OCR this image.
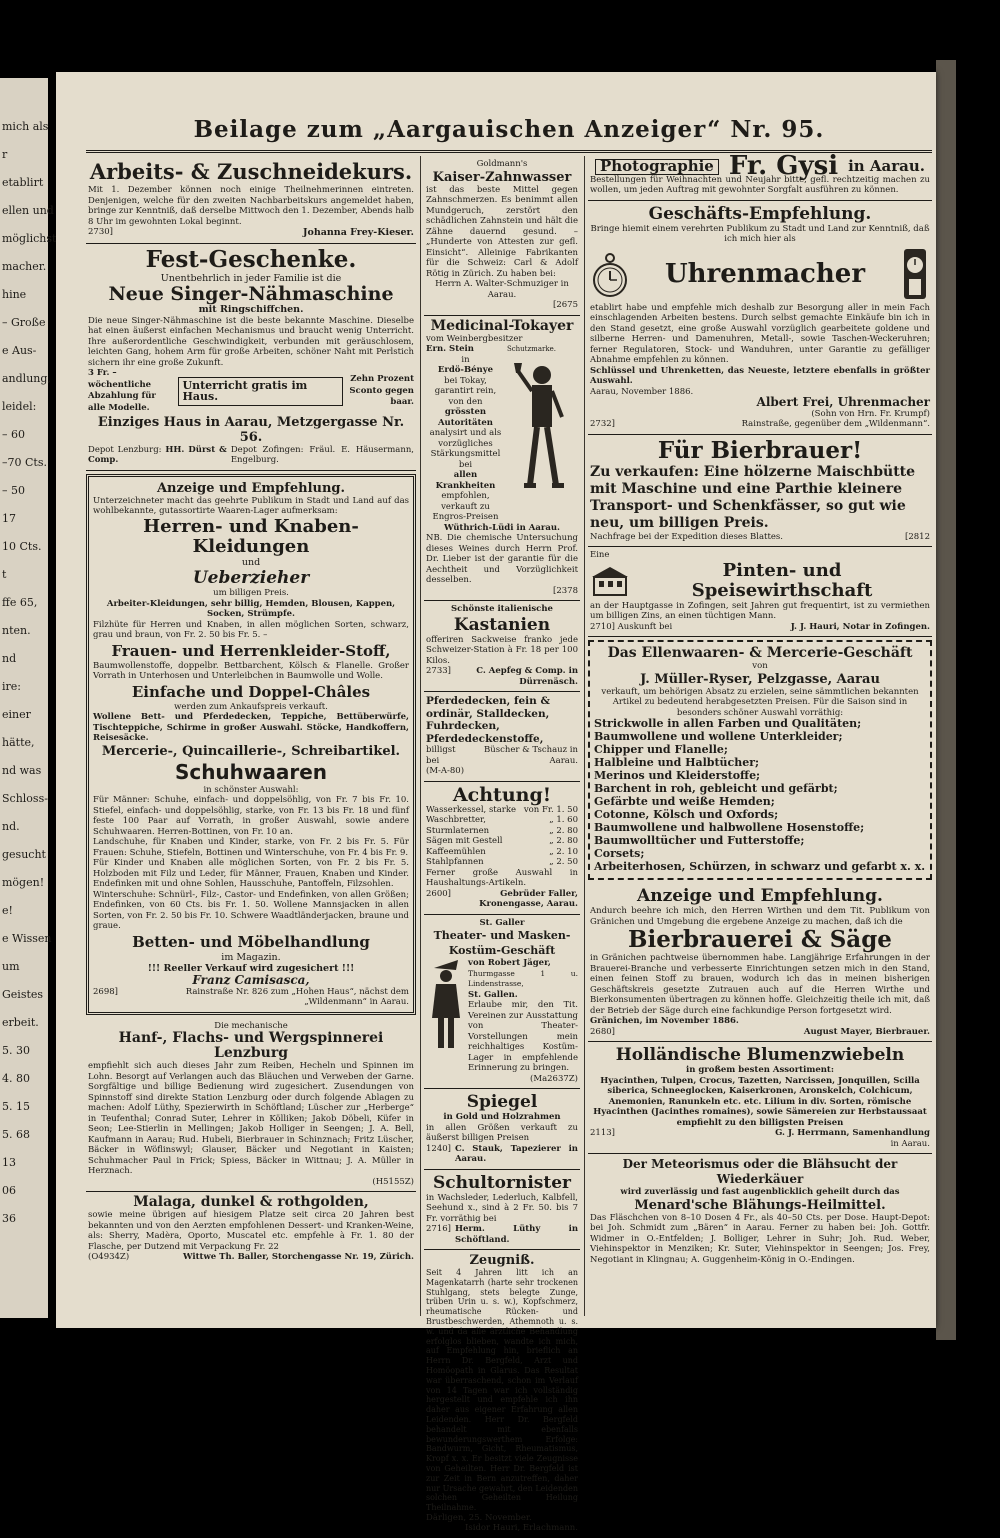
mich als
r
etablirt
ellen und
möglichst
macher.
hine
– Große
e Aus-
andlung,
leidel:
– 60
–70 Cts.
– 50
17
10 Cts.
t
ffe 65,
nten.
nd
ire:
einer
hätte,
nd was
Schloss-
nd.
gesucht
mögen!
e!
e Wissen
um
Geistes
erbeit.
5. 30
4. 80
5. 15
5. 68
13
06
36
Beilage zum „Aargauischen Anzeiger“ Nr. 95.

Arbeits- & Zuschneidekurs.

Mit 1. Dezember können noch einige Theilnehmerinnen eintreten. Denjenigen, welche für den zweiten Nachbarbeitskurs angemeldet haben, bringe zur Kenntniß, daß derselbe Mittwoch den 1. Dezember, Abends halb 8 Uhr im gewohnten Lokal beginnt.

2730]	Johanna Frey-Kieser.

Fest-Geschenke.

Unentbehrlich in jeder Familie ist die

Neue Singer-Nähmaschine

mit Ringschiffchen.

Die neue Singer-Nähmaschine ist die beste bekannte Maschine. Dieselbe hat einen äußerst einfachen Mechanismus und braucht wenig Unterricht. Ihre außerordentliche Geschwindigkeit, verbunden mit geräuschlosem, leichten Gang, hohem Arm für große Arbeiten, schöner Naht mit Perlstich sichern ihr eine große Zukunft.

3 Fr. – wöchentliche Abzahlung für alle Modelle.
Unterricht gratis im Haus.
Zehn Prozent Sconto gegen baar.

Einziges Haus in Aarau, Metzgergasse Nr. 56.

Depot Lenzburg: HH. Dürst & Comp.
Depot Zofingen: Fräul. E. Häusermann, Engelburg.

Anzeige und Empfehlung.

Unterzeichneter macht das geehrte Publikum in Stadt und Land auf das wohlbekannte, gutassortirte Waaren-Lager aufmerksam:

Herren- und Knaben-Kleidungen

und

Ueberzieher

um billigen Preis.

Arbeiter-Kleidungen, sehr billig, Hemden, Blousen, Kappen, Socken, Strümpfe.

Filzhüte für Herren und Knaben, in allen möglichen Sorten, schwarz, grau und braun, von Fr. 2. 50 bis Fr. 5. –

Frauen- und Herrenkleider-Stoff,

Baumwollenstoffe, doppelbr. Bettbarchent, Kölsch & Flanelle. Großer Vorrath in Unterhosen und Unterleibchen in Baumwolle und Wolle.

Einfache und Doppel-Châles

werden zum Ankaufspreis verkauft.

Wollene Bett- und Pferdedecken, Teppiche, Bettüberwürfe, Tischteppiche, Schirme in großer Auswahl. Stöcke, Handkoffern, Reisesäcke.

Mercerie-, Quincaillerie-, Schreibartikel.

Schuhwaaren

in schönster Auswahl:

Für Männer: Schuhe, einfach- und doppelsöhlig, von Fr. 7 bis Fr. 10. Stiefel, einfach- und doppelsöhlig, starke, von Fr. 13 bis Fr. 18 und fünf feste 100 Paar auf Vorrath, in großer Auswahl, sowie andere Schuhwaaren. Herren-Bottinen, von Fr. 10 an.

Landschuhe, für Knaben und Kinder, starke, von Fr. 2 bis Fr. 5. Für Frauen: Schuhe, Stiefeln, Bottinen und Winterschuhe, von Fr. 4 bis Fr. 9.

Für Kinder und Knaben alle möglichen Sorten, von Fr. 2 bis Fr. 5. Holzboden mit Filz und Leder, für Männer, Frauen, Knaben und Kinder. Endefinken mit und ohne Sohlen, Hausschuhe, Pantoffeln, Filzsohlen.

Winterschuhe: Schnürl-, Filz-, Castor- und Endefinken, von allen Größen; Endefinken, von 60 Cts. bis Fr. 1. 50. Wollene Mannsjacken in allen Sorten, von Fr. 2. 50 bis Fr. 10. Schwere Waadtländerjacken, braune und graue.

Betten- und Möbelhandlung

im Magazin.

!!! Reeller Verkauf wird zugesichert !!!

Franz Camisasca,

2698]	Rainstraße Nr. 826 zum „Hohen Haus“, nächst dem „Wildenmann“ in Aarau.

Die mechanische

Hanf-, Flachs- und Wergspinnerei Lenzburg

empfiehlt sich auch dieses Jahr zum Reiben, Hecheln und Spinnen im Lohn. Besorgt auf Verlangen auch das Bläuchen und Verweben der Garne. Sorgfältige und billige Bedienung wird zugesichert. Zusendungen von Spinnstoff sind direkte Station Lenzburg oder durch folgende Ablagen zu machen: Adolf Lüthy, Spezierwirth in Schöftland; Lüscher zur „Herberge“ in Teufenthal; Conrad Suter, Lehrer in Kölliken; Jakob Döbeli, Küfer in Seon; Lee-Stierlin in Mellingen; Jakob Holliger in Seengen; J. A. Bell, Kaufmann in Aarau; Rud. Hubeli, Bierbrauer in Schinznach; Fritz Lüscher, Bäcker in Wöflinswyl; Glauser, Bäcker und Negotiant in Kaisten; Schuhmacher Paul in Frick; Spiess, Bäcker in Wittnau; J. A. Müller in Herznach.

(H5155Z)

Malaga, dunkel & rothgolden,

sowie meine übrigen auf hiesigem Platze seit circa 20 Jahren best bekannten und von den Aerzten empfohlenen Dessert- und Kranken-Weine, als: Sherry, Madèra, Oporto, Muscatel etc. empfehle à Fr. 1. 80 der Flasche, per Dutzend mit Verpackung Fr. 22

(O4934Z)	Wittwe Th. Baller, Storchengasse Nr. 19, Zürich.

Goldmann's

Kaiser-Zahnwasser

ist das beste Mittel gegen Zahnschmerzen. Es benimmt allen Mundgeruch, zerstört den schädlichen Zahnstein und hält die Zähne dauernd gesund. – „Hunderte von Attesten zur gefl. Einsicht“. Alleinige Fabrikanten für die Schweiz: Carl & Adolf Rötig in Zürich. Zu haben bei:

Herrn A. Walter-Schmuziger in Aarau.

[2675

Medicinal-Tokayer

vom Weinbergbesitzer

Ern. Stein

in

Erdö-Bénye

bei Tokay, garantirt rein, von den

grössten Autoritäten

analysirt und als vorzügliches Stärkungsmittel bei

allen Krankheiten

empfohlen, verkauft zu Engros-Preisen

Schutzmarke.

Wüthrich-Lüdi in Aarau.

NB. Die chemische Untersuchung dieses Weines durch Herrn Prof. Dr. Lieber ist der garantie für die Aechtheit und Vorzüglichkeit desselben.

[2378

Schönste italienische

Kastanien

offeriren Sackweise franko jede Schweizer-Station à Fr. 18 per 100 Kilos.

2733]	C. Aepfeg & Comp. in Dürrenäsch.

Pferdedecken, fein & ordinär, Stalldecken, Fuhrdecken, Pferdedeckenstoffe,

billigst bei
Büscher & Tschauz in Aarau.

(M-A-80)

Achtung!

Wasserkessel, starke von Fr. 1. 50
Waschbretter,	„ 1. 60
Sturmlaternen	„ 2. 80
Sägen mit Gestell	„ 2. 80
Kaffeemühlen	„ 2. 10
Stahlpfannen	„ 2. 50

Ferner große Auswahl in Haushaltungs-Artikeln.

2600]	Gebrüder Faller, Kronengasse, Aarau.

St. Galler

Theater- und Masken-Kostüm-Geschäft

von Robert Jäger,

Thurmgasse 1 u. Lindenstrasse,

St. Gallen.

Erlaube mir, den Tit. Vereinen zur Ausstattung von Theater-Vorstellungen mein reichhaltiges Kostüm-Lager in empfehlende Erinnerung zu bringen.

(Ma2637Z)

Spiegel

in Gold und Holzrahmen

in allen Größen verkauft zu äußerst billigen Preisen

1240] C. Stauk, Tapezierer in Aarau.

Schultornister

in Wachsleder, Lederluch, Kalbfell, Seehund x., sind à 2 Fr. 50. bis 7 Fr. vorräthig bei

2716] Herm. Lüthy in Schöftland.

Zeugniß.

Seit 4 Jahren litt ich an Magenkatarrh (harte sehr trockenen Stuhlgang, stets belegte Zunge, trüben Urin u. s. w.), Kopfschmerz, rheumatische Rücken- und Brustbeschwerden, Athemnoth u. s. w. und da alle ärztliche Behandlung erfolglos blieben, wandte ich mich, auf Empfehlung hin, brieflich an Herrn Dr. Bergfeld, Arzt und Homöopath in Glarus. Das Resultat war überraschend, schon im Verlauf von 14 Tagen war ich vollständig hergestellt und empfehle ich ihn daher aus eigener Erfahrung allen Leidenden. Herr Dr. Bergfeld behandelt mit ebenfalls bewunderungswerthem Erfolge: Bandwurm, Gicht, Rheumatismus, Kropf x. x. Er besitzt viele Zeugnisse von Geheilten. Herr Dr. Bergfeld ist zur Zeit in Bern anzutreffen, daher nur Ursache gewahrt, den Leidenden solchen Geheilten Heilung Theilnahme.

Därligen, 25. November.

Isidor Hauri, Erlachmann.

Photographie Fr. Gysi in Aarau.

Bestellungen für Weihnachten und Neujahr bitte, gefl. rechtzeitig machen zu wollen, um jeden Auftrag mit gewohnter Sorgfalt ausführen zu können.

Geschäfts-Empfehlung.

Bringe hiemit einem verehrten Publikum zu Stadt und Land zur Kenntniß, daß ich mich hier als

Uhrenmacher

etablirt habe und empfehle mich deshalb zur Besorgung aller in mein Fach einschlagenden Arbeiten bestens. Durch selbst gemachte Einkäufe bin ich in den Stand gesetzt, eine große Auswahl vorzüglich gearbeitete goldene und silberne Herren- und Damenuhren, Metall-, sowie Taschen-Weckeruhren; ferner Regulatoren, Stock- und Wanduhren, unter Garantie zu gefälliger Abnahme empfehlen zu können.

Schlüssel und Uhrenketten, das Neueste, letztere ebenfalls in größter Auswahl.

Aarau, November 1886.

Albert Frei, Uhrenmacher

(Sohn von Hrn. Fr. Krumpf)

2732]	Rainstraße, gegenüber dem „Wildenmann“.

Für Bierbrauer!

Zu verkaufen: Eine hölzerne Maischbütte mit Maschine und eine Parthie kleinere Transport- und Schenkfässer, so gut wie neu, um billigen Preis.

Nachfrage bei der Expedition dieses Blattes.	[2812

Eine

Pinten- und Speisewirthschaft

an der Hauptgasse in Zofingen, seit Jahren gut frequentirt, ist zu vermiethen um billigen Zins, an einen tüchtigen Mann.

2710] Auskunft bei	J. J. Hauri, Notar in Zofingen.

Das Ellenwaaren- & Mercerie-Geschäft

von

J. Müller-Ryser, Pelzgasse, Aarau

verkauft, um behörigen Absatz zu erzielen, seine sämmtlichen bekannten Artikel zu bedeutend herabgesetzten Preisen. Für die Saison sind in besonders schöner Auswahl vorräthig:

Strickwolle in allen Farben und Qualitäten;
Baumwollene und wollene Unterkleider;
Chipper und Flanelle;
Halbleine und Halbtücher;
Merinos und Kleiderstoffe;
Barchent in roh, gebleicht und gefärbt;
Gefärbte und weiße Hemden;
Cotonne, Kölsch und Oxfords;
Baumwollene und halbwollene Hosenstoffe;
Baumwolltücher und Futterstoffe;
Corsets;
Arbeiterhosen, Schürzen, in schwarz und gefarbt x. x.

Anzeige und Empfehlung.

Andurch beehre ich mich, den Herren Wirthen und dem Tit. Publikum von Gränichen und Umgebung die ergebene Anzeige zu machen, daß ich die

Bierbrauerei & Säge

in Gränichen pachtweise übernommen habe. Langjährige Erfahrungen in der Brauerei-Branche und verbesserte Einrichtungen setzen mich in den Stand, einen feinen Stoff zu brauen, wodurch ich das in meinen bisherigen Geschäftskreis gesetzte Zutrauen auch auf die Herren Wirthe und Bierkonsumenten übertragen zu können hoffe. Gleichzeitig theile ich mit, daß der Betrieb der Säge durch eine fachkundige Person fortgesetzt wird.

Gränichen, im November 1886.

2680]	August Mayer, Bierbrauer.

Holländische Blumenzwiebeln

in großem besten Assortiment:

Hyacinthen, Tulpen, Crocus, Tazetten, Narcissen, Jonquillen, Scilla siberica, Schneeglocken, Kaiserkronen, Aronskelch, Colchicum, Anemonien, Ranunkeln etc. etc. Lilium in div. Sorten, römische Hyacinthen (Jacinthes romaines), sowie Sämereien zur Herbstaussaat empfiehlt zu den billigsten Preisen

2113]	G. J. Herrmann, Samenhandlung

in Aarau.

Der Meteorismus oder die Blähsucht der Wiederkäuer

wird zuverlässig und fast augenblicklich geheilt durch das

Menard'sche Blähungs-Heilmittel.

Das Fläschchen von 8–10 Dosen 4 Fr., als 40–50 Cts. per Dose. Haupt-Depot: bei Joh. Schmidt zum „Bären“ in Aarau. Ferner zu haben bei: Joh. Gottfr. Widmer in O.-Entfelden; J. Bolliger, Lehrer in Suhr; Joh. Rud. Weber, Viehinspektor in Menziken; Kr. Suter, Viehinspektor in Seengen; Jos. Frey, Negotiant in Klingnau; A. Guggenheim-König in O.-Endingen.
